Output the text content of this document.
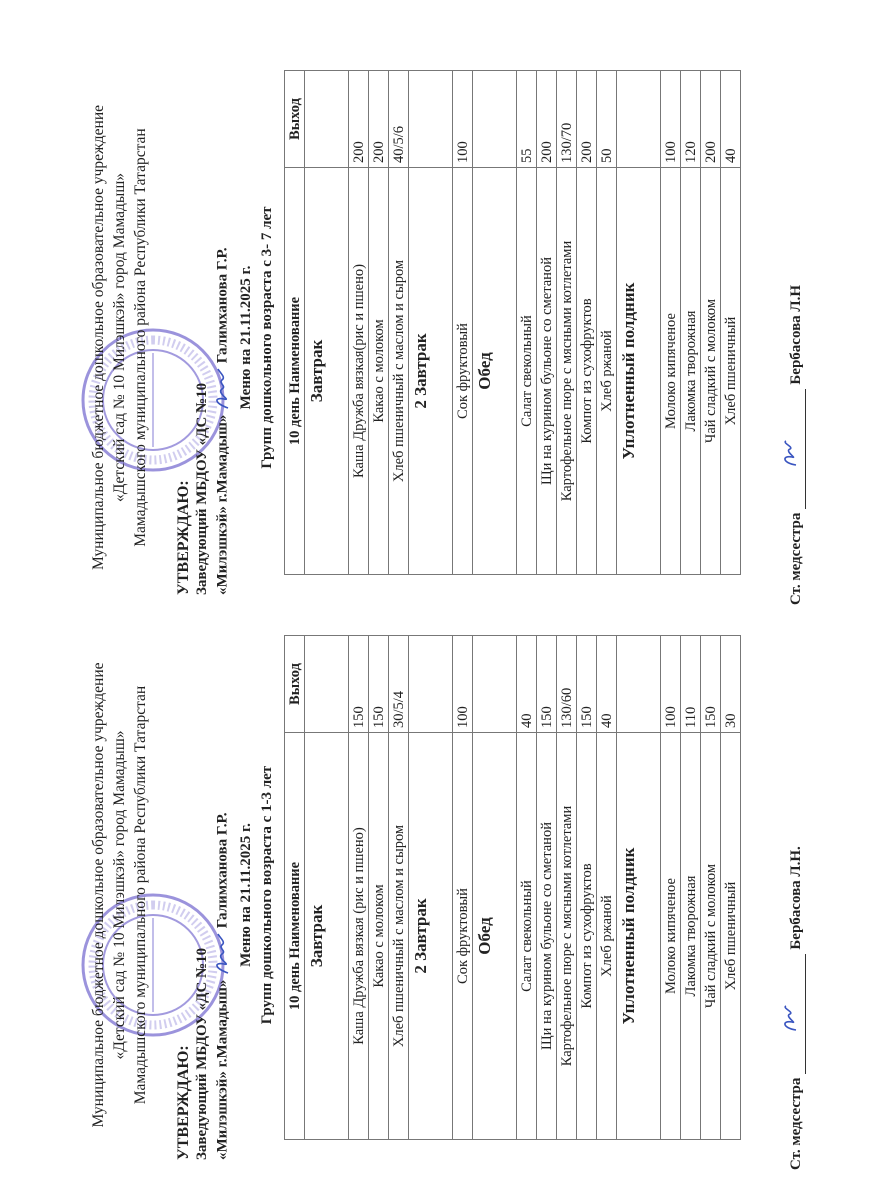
Муниципальное бюджетное дошкольное образовательное учреждение «Детский сад № 10 Милэшкэй» город Мамадыш» Мамадышского муниципального района Республики Татарстан УТВЕРЖДАЮ: Заведующий МБДОУ «ДС №10 «Милэшкэй» г.Мамадыш»  Галимханова Г.Р. Меню на 21.11.2025 г. Групп дошкольного возраста с 1-3 лет 10 день Наименование	Выход
Завтрак	
Каша Дружба вязкая (рис и пшено)	150
Какао с молоком	150
Хлеб пшеничный с маслом и сыром	30/5/4
2 Завтрак	
Сок фруктовый	100
Обед	
Салат свекольный	40
Щи на курином бульоне со сметаной	150
Картофельное пюре с мясными котлетами	130/60
Компот из сухофруктов	150
Хлеб ржаной	40
Уплотненный полдник	
Молоко кипяченое	100
Лакомка творожная	110
Чай сладкий с молоком	150
Хлеб пшеничный	30
Ст. медсестраБербасова Л.Н.
Муниципальное бюджетное дошкольное образовательное учреждение «Детский сад № 10 Милэшкэй» город Мамадыш» Мамадышского муниципального района Республики Татарстан УТВЕРЖДАЮ: Заведующий МБДОУ «ДС №10 «Милэшкэй» г.Мамадыш»  Галимханова Г.Р. Меню на 21.11.2025 г. Групп дошкольного возраста с 3- 7 лет 10 день Наименование	Выход
Завтрак	
Каша Дружба вязкая(рис и пшено)	200
Какао с молоком	200
Хлеб пшеничный с маслом и сыром	40/5/6
2 Завтрак	
Сок фруктовый	100
Обед	
Салат свекольный	55
Щи на курином бульоне со сметаной	200
Картофельное пюре с мясными котлетами	130/70
Компот из сухофруктов	200
Хлеб ржаной	50
Уплотненный полдник	
Молоко кипяченое	100
Лакомка творожная	120
Чай сладкий с молоком	200
Хлеб пшеничный	40
Ст. медсестраБербасова Л.Н
